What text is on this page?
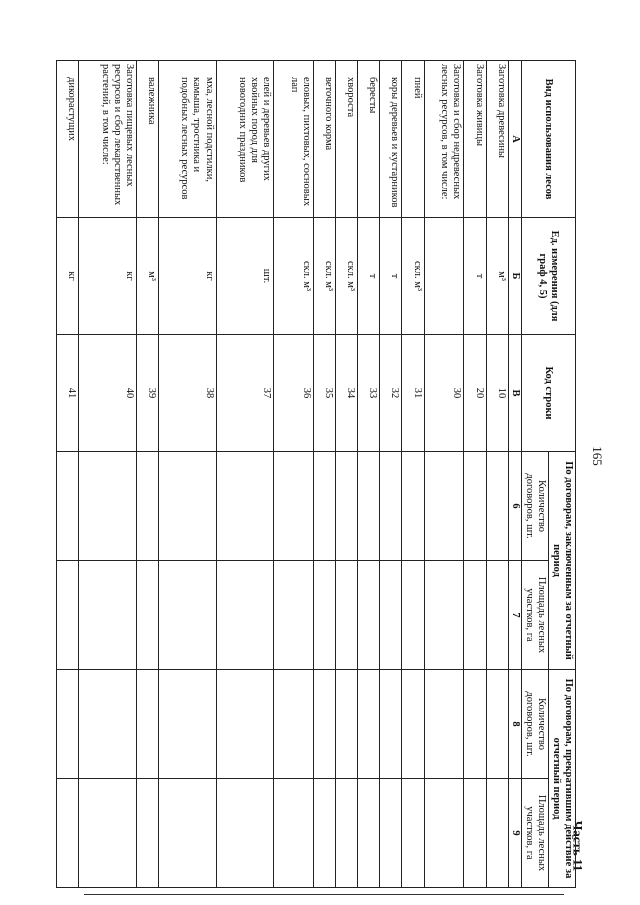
165
Часть 11
Вид использования лесов	Ед. измерения (для граф 4, 5)	Код строки	По договорам, заключенным за отчетный период		По договорам, прекратившим действие за отчетный период	
			Количество договоров, шт.	Площадь лесных участков, га	Количество договоров, шт.	Площадь лесных участков, га
А	Б	В	6	7	8	9
Заготовка древесины	м³	10				
Заготовка живицы	т	20				
Заготовка и сбор недревесных лесных ресурсов, в том числе:		30				
пней	скл. м³	31				
коры деревьев и кустарников	т	32				
бересты	т	33				
хвороста	скл. м³	34				
веточного корма	скл. м³	35				
еловых, пихтовых, сосновых лап	скл. м³	36				
елей и деревьев других хвойных пород для новогодних праздников	шт.	37				
мха, лесной подстилки, камыша, тростника и подобных лесных ресурсов	кг	38				
валежника	м³	39				
Заготовка пищевых лесных ресурсов и сбор лекарственных растений, в том числе:	кг	40				
дикорастущих	кг	41				
